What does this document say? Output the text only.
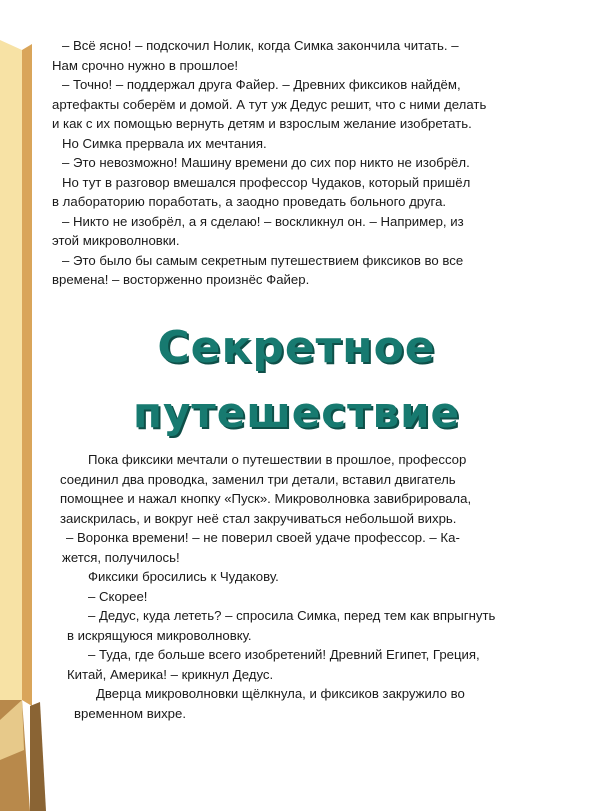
– Всё ясно! – подскочил Нолик, когда Симка закончила читать. –

Нам срочно нужно в прошлое!

– Точно! – поддержал друга Файер. – Древних фиксиков найдём,

артефакты соберём и домой. А тут уж Дедус решит, что с ними делать

и как с их помощью вернуть детям и взрослым желание изобретать.

Но Симка прервала их мечтания.

– Это невозможно! Машину времени до сих пор никто не изобрёл.

Но тут в разговор вмешался профессор Чудаков, который пришёл

в лабораторию поработать, а заодно проведать больного друга.

– Никто не изобрёл, а я сделаю! – воскликнул он. – Например, из

этой микроволновки.

– Это было бы самым секретным путешествием фиксиков во все

времена! – восторженно произнёс Файер.

Секретное
путешествие

Пока фиксики мечтали о путешествии в прошлое, профессор

соединил два проводка, заменил три детали, вставил двигатель

помощнее и нажал кнопку «Пуск». Микроволновка завибрировала,

заискрилась, и вокруг неё стал закручиваться небольшой вихрь.

– Воронка времени! – не поверил своей удаче профессор. – Ка-

жется, получилось!

Фиксики бросились к Чудакову.

– Скорее!

– Дедус, куда лететь? – спросила Симка, перед тем как впрыгнуть

в искрящуюся микроволновку.

– Туда, где больше всего изобретений! Древний Египет, Греция,

Китай, Америка! – крикнул Дедус.

Дверца микроволновки щёлкнула, и фиксиков закружило во

временном вихре.
